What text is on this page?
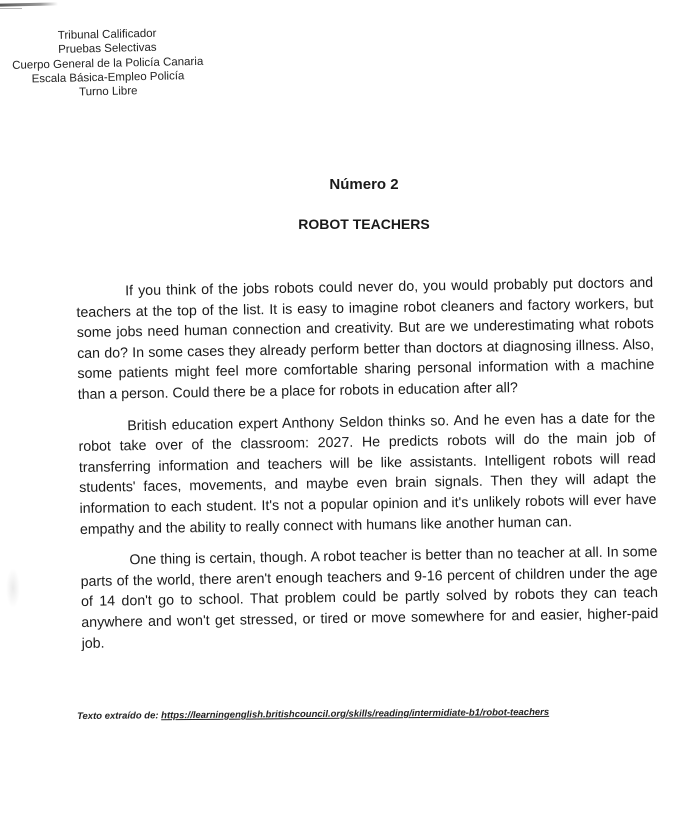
Tribunal Calificador
Pruebas Selectivas
Cuerpo General de la Policía Canaria
Escala Básica-Empleo Policía
Turno Libre
Número 2
ROBOT TEACHERS

If you think of the jobs robots could never do, you would probably put doctors and teachers at the top of the list. It is easy to imagine robot cleaners and factory workers, but some jobs need human connection and creativity. But are we underestimating what robots can do? In some cases they already perform better than doctors at diagnosing illness. Also, some patients might feel more comfortable sharing personal information with a machine than a person. Could there be a place for robots in education after all?

British education expert Anthony Seldon thinks so. And he even has a date for the robot take over of the classroom: 2027. He predicts robots will do the main job of transferring information and teachers will be like assistants. Intelligent robots will read students' faces, movements, and maybe even brain signals. Then they will adapt the information to each student. It's not a popular opinion and it's unlikely robots will ever have empathy and the ability to really connect with humans like another human can.

One thing is certain, though. A robot teacher is better than no teacher at all. In some parts of the world, there aren't enough teachers and 9-16 percent of children under the age of 14 don't go to school. That problem could be partly solved by robots they can teach anywhere and won't get stressed, or tired or move somewhere for and easier, higher-paid job.

Texto extraído de: https://learningenglish.britishcouncil.org/skills/reading/intermidiate-b1/robot-teachers
